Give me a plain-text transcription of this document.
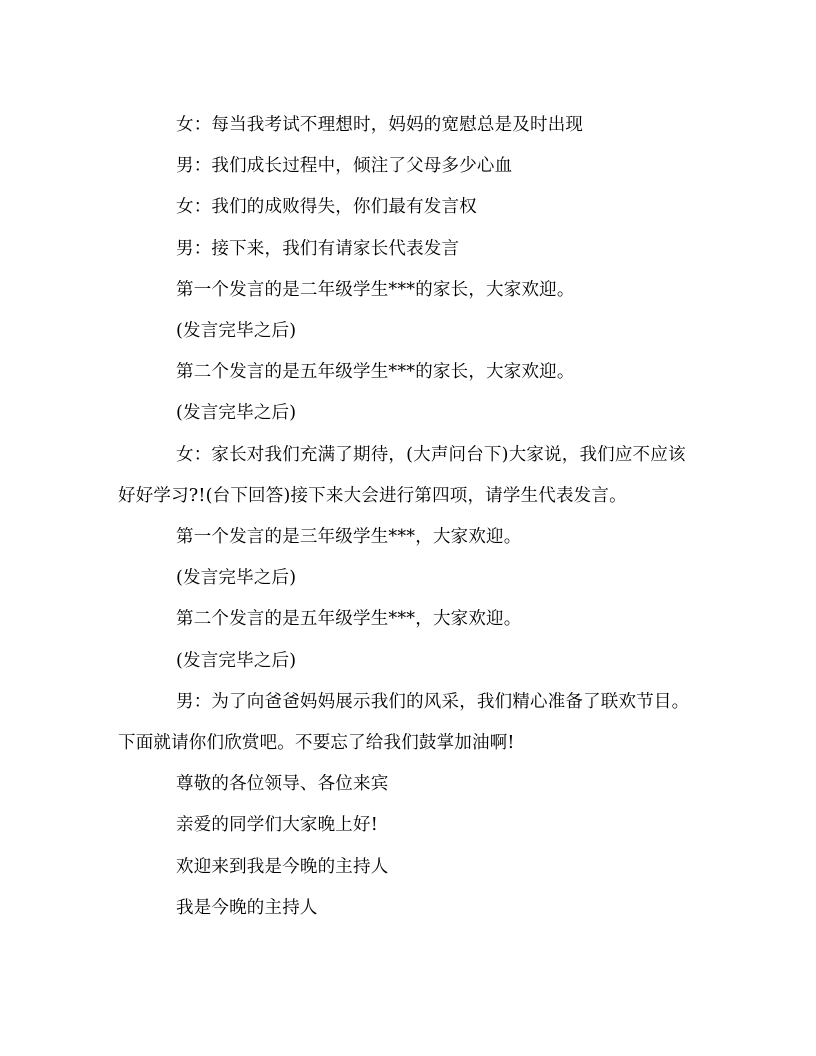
女：每当我考试不理想时，妈妈的宽慰总是及时出现

男：我们成长过程中，倾注了父母多少心血

女：我们的成败得失，你们最有发言权

男：接下来，我们有请家长代表发言

第一个发言的是二年级学生***的家长，大家欢迎。

(发言完毕之后)

第二个发言的是五年级学生***的家长，大家欢迎。

(发言完毕之后)

女：家长对我们充满了期待，(大声问台下)大家说，我们应不应该好好学习?!(台下回答)接下来大会进行第四项，请学生代表发言。

第一个发言的是三年级学生***，大家欢迎。

(发言完毕之后)

第二个发言的是五年级学生***，大家欢迎。

(发言完毕之后)

男：为了向爸爸妈妈展示我们的风采，我们精心准备了联欢节目。下面就请你们欣赏吧。不要忘了给我们鼓掌加油啊!

尊敬的各位领导、各位来宾

亲爱的同学们大家晚上好!

欢迎来到我是今晚的主持人

我是今晚的主持人
